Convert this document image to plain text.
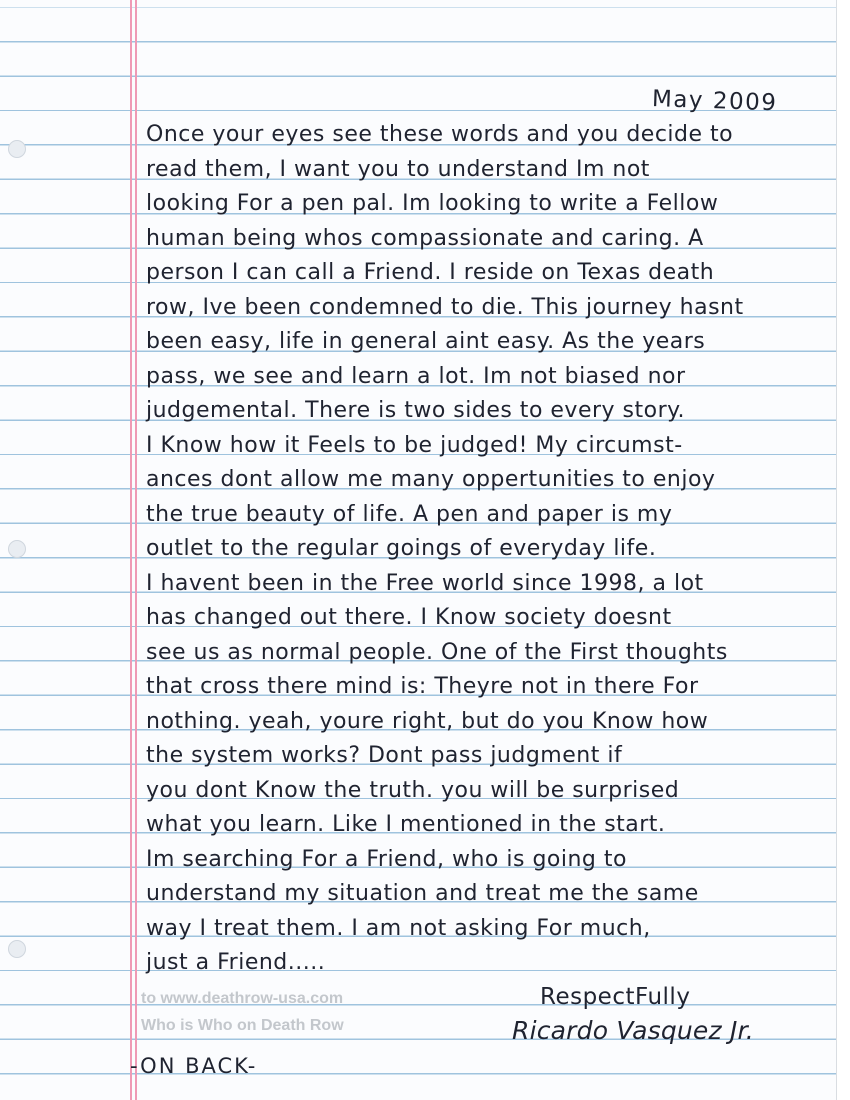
May 2009
Once your eyes see these words and you decide to
read them, I want you to understand Im not
looking For a pen pal. Im looking to write a Fellow
human being whos compassionate and caring. A
person I can call a Friend. I reside on Texas death
row, Ive been condemned to die. This journey hasnt
been easy, life in general aint easy. As the years
pass, we see and learn a lot. Im not biased nor
judgemental. There is two sides to every story.
I Know how it Feels to be judged! My circumst-
ances dont allow me many oppertunities to enjoy
the true beauty of life. A pen and paper is my
outlet to the regular goings of everyday life.
I havent been in the Free world since 1998, a lot
has changed out there. I Know society doesnt
see us as normal people. One of the First thoughts
that cross there mind is: Theyre not in there For
nothing. yeah, youre right, but do you Know how
the system works? Dont pass judgment if
you dont Know the truth. you will be surprised
what you learn. Like I mentioned in the start.
Im searching For a Friend, who is going to
understand my situation and treat me the same
way I treat them. I am not asking For much,
just a Friend.....
RespectFully
Ricardo Vasquez Jr.
-ON BACK-
to www.deathrow-usa.com
Who is Who on Death Row
